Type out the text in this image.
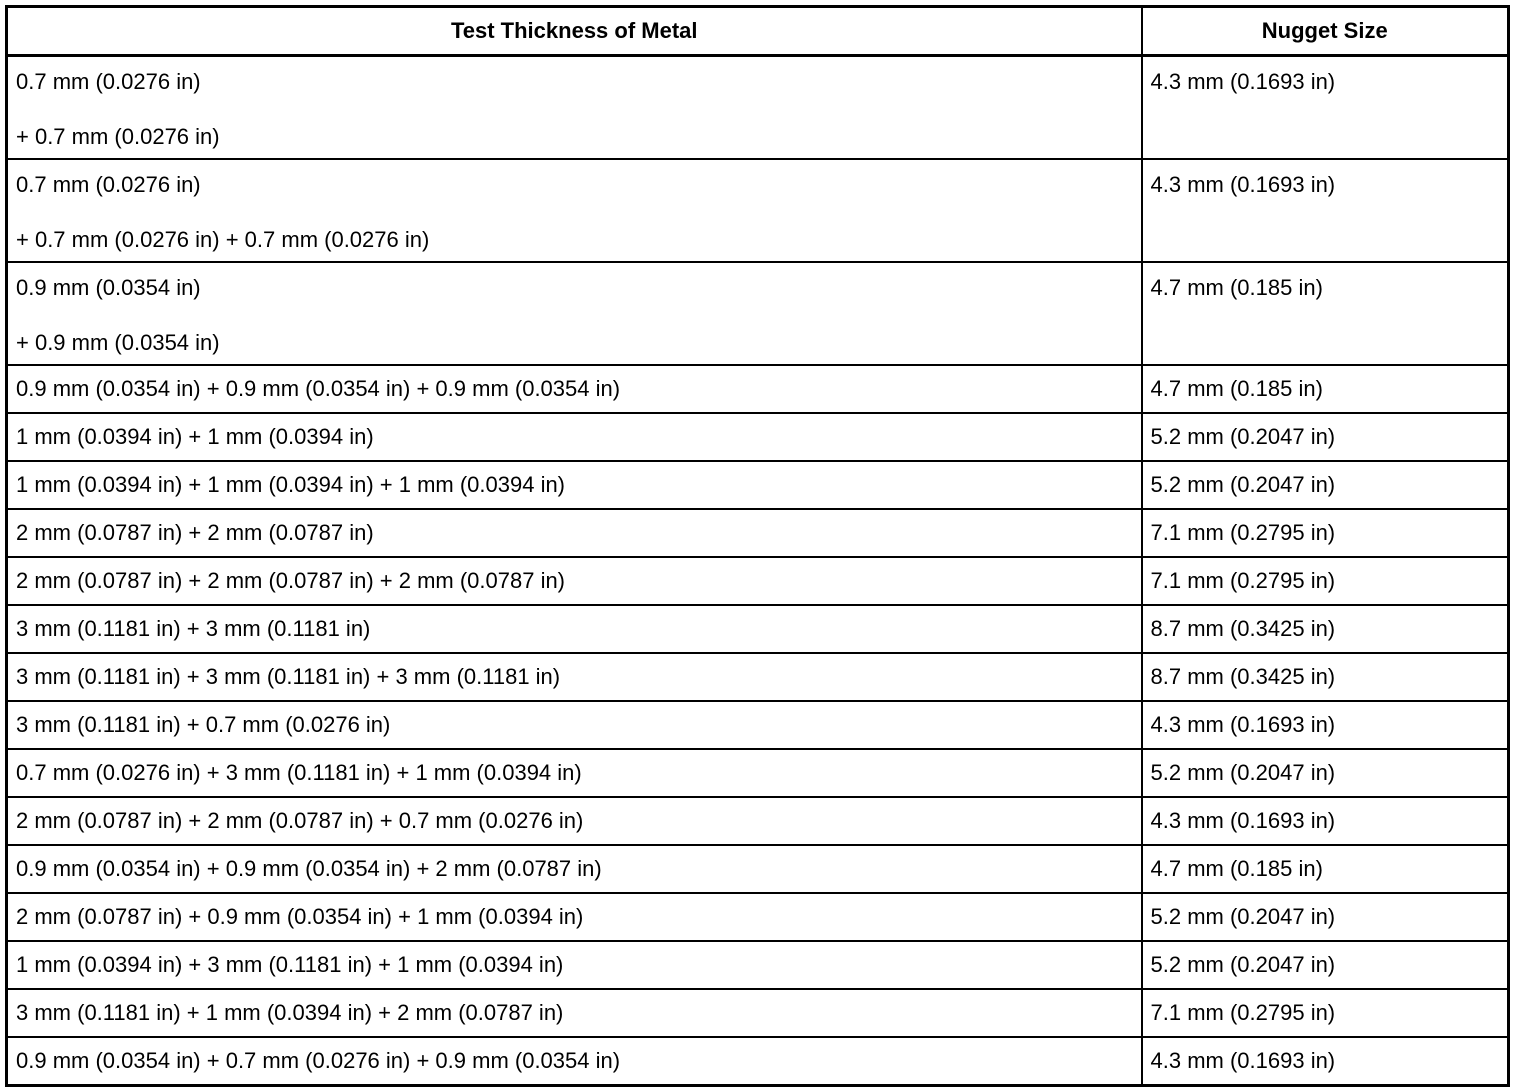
Test Thickness of Metal	Nugget Size

0.7 mm (0.0276 in)
+ 0.7 mm (0.0276 in)	4.3 mm (0.1693 in)

0.7 mm (0.0276 in)
+ 0.7 mm (0.0276 in) + 0.7 mm (0.0276 in)	4.3 mm (0.1693 in)

0.9 mm (0.0354 in)
+ 0.9 mm (0.0354 in)	4.7 mm (0.185 in)

0.9 mm (0.0354 in) + 0.9 mm (0.0354 in) + 0.9 mm (0.0354 in)	4.7 mm (0.185 in)

1 mm (0.0394 in) + 1 mm (0.0394 in)	5.2 mm (0.2047 in)

1 mm (0.0394 in) + 1 mm (0.0394 in) + 1 mm (0.0394 in)	5.2 mm (0.2047 in)

2 mm (0.0787 in) + 2 mm (0.0787 in)	7.1 mm (0.2795 in)

2 mm (0.0787 in) + 2 mm (0.0787 in) + 2 mm (0.0787 in)	7.1 mm (0.2795 in)

3 mm (0.1181 in) + 3 mm (0.1181 in)	8.7 mm (0.3425 in)

3 mm (0.1181 in) + 3 mm (0.1181 in) + 3 mm (0.1181 in)	8.7 mm (0.3425 in)

3 mm (0.1181 in) + 0.7 mm (0.0276 in)	4.3 mm (0.1693 in)

0.7 mm (0.0276 in) + 3 mm (0.1181 in) + 1 mm (0.0394 in)	5.2 mm (0.2047 in)

2 mm (0.0787 in) + 2 mm (0.0787 in) + 0.7 mm (0.0276 in)	4.3 mm (0.1693 in)

0.9 mm (0.0354 in) + 0.9 mm (0.0354 in) + 2 mm (0.0787 in)	4.7 mm (0.185 in)

2 mm (0.0787 in) + 0.9 mm (0.0354 in) + 1 mm (0.0394 in)	5.2 mm (0.2047 in)

1 mm (0.0394 in) + 3 mm (0.1181 in) + 1 mm (0.0394 in)	5.2 mm (0.2047 in)

3 mm (0.1181 in) + 1 mm (0.0394 in) + 2 mm (0.0787 in)	7.1 mm (0.2795 in)

0.9 mm (0.0354 in) + 0.7 mm (0.0276 in) + 0.9 mm (0.0354 in)	4.3 mm (0.1693 in)
